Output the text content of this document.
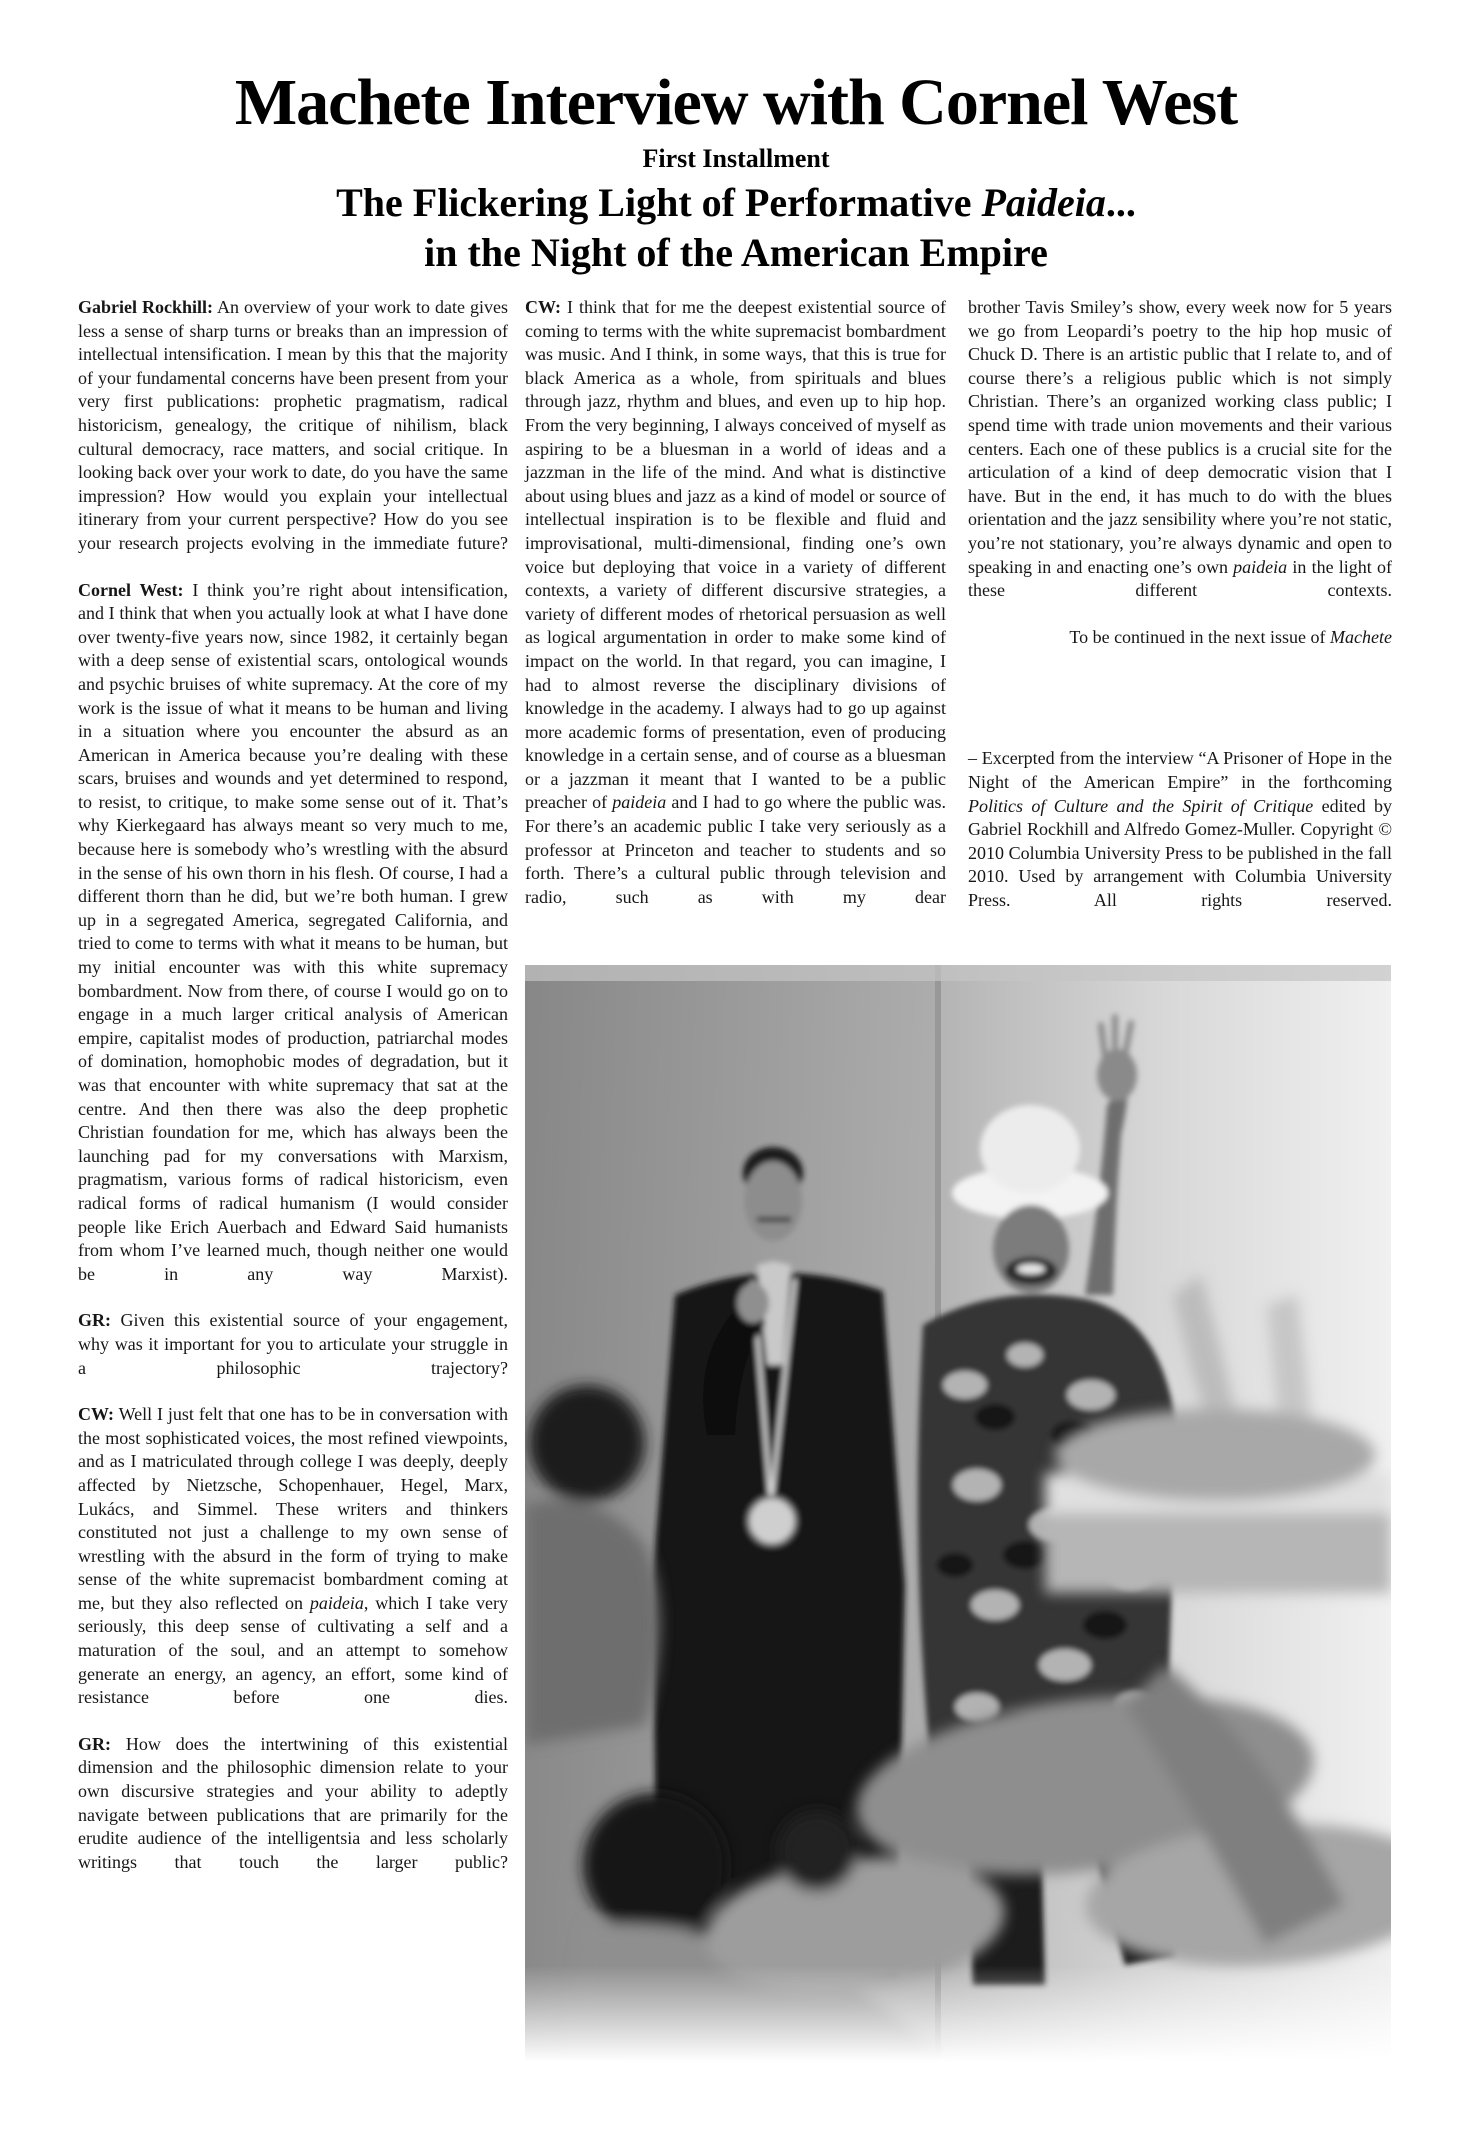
Machete Interview with Cornel West
First Installment
The Flickering Light of Performative Paideia...
in the Night of the American Empire

Gabriel Rockhill: An overview of your work to date gives less a sense of sharp turns or breaks than an impression of intellectual intensification. I mean by this that the majority of your fundamental concerns have been present from your very first publications: prophetic pragmatism, radical historicism, genealogy, the critique of nihilism, black cultural democracy, race matters, and social critique. In looking back over your work to date, do you have the same impression? How would you explain your intellectual itinerary from your current perspective? How do you see your research projects evolving in the immediate future?

Cornel West: I think you’re right about intensification, and I think that when you actually look at what I have done over twenty-five years now, since 1982, it certainly began with a deep sense of existential scars, ontological wounds and psychic bruises of white supremacy. At the core of my work is the issue of what it means to be human and living in a situation where you encounter the absurd as an American in America because you’re dealing with these scars, bruises and wounds and yet determined to respond, to resist, to critique, to make some sense out of it. That’s why Kierkegaard has always meant so very much to me, because here is somebody who’s wrestling with the absurd in the sense of his own thorn in his flesh. Of course, I had a different thorn than he did, but we’re both human. I grew up in a segregated America, segregated California, and tried to come to terms with what it means to be human, but my initial encounter was with this white supremacy bombardment. Now from there, of course I would go on to engage in a much larger critical analysis of American empire, capitalist modes of production, patriarchal modes of domination, homophobic modes of degradation, but it was that encounter with white supremacy that sat at the centre. And then there was also the deep prophetic Christian foundation for me, which has always been the launching pad for my conversations with Marxism, pragmatism, various forms of radical historicism, even radical forms of radical humanism (I would consider people like Erich Auerbach and Edward Said humanists from whom I’ve learned much, though neither one would be in any way Marxist).

GR: Given this existential source of your engagement, why was it important for you to articulate your struggle in a philosophic trajectory?

CW: Well I just felt that one has to be in conversation with the most sophisticated voices, the most refined viewpoints, and as I matriculated through college I was deeply, deeply affected by Nietzsche, Schopenhauer, Hegel, Marx, Lukács, and Simmel. These writers and thinkers constituted not just a challenge to my own sense of wrestling with the absurd in the form of trying to make sense of the white supremacist bombardment coming at me, but they also reflected on paideia, which I take very seriously, this deep sense of cultivating a self and a maturation of the soul, and an attempt to somehow generate an energy, an agency, an effort, some kind of resistance before one dies.

GR: How does the intertwining of this existential dimension and the philosophic dimension relate to your own discursive strategies and your ability to adeptly navigate between publications that are primarily for the erudite audience of the intelligentsia and less scholarly writings that touch the larger public?

CW: I think that for me the deepest existential source of coming to terms with the white supremacist bombardment was music. And I think, in some ways, that this is true for black America as a whole, from spirituals and blues through jazz, rhythm and blues, and even up to hip hop. From the very beginning, I always conceived of myself as aspiring to be a bluesman in a world of ideas and a jazzman in the life of the mind. And what is distinctive about using blues and jazz as a kind of model or source of intellectual inspiration is to be flexible and fluid and improvisational, multi-dimensional, finding one’s own voice but deploying that voice in a variety of different contexts, a variety of different discursive strategies, a variety of different modes of rhetorical persuasion as well as logical argumentation in order to make some kind of impact on the world. In that regard, you can imagine, I had to almost reverse the disciplinary divisions of knowledge in the academy. I always had to go up against more academic forms of presentation, even of producing knowledge in a certain sense, and of course as a bluesman or a jazzman it meant that I wanted to be a public preacher of paideia and I had to go where the public was. For there’s an academic public I take very seriously as a professor at Princeton and teacher to students and so forth. There’s a cultural public through television and radio, such as with my dear

brother Tavis Smiley’s show, every week now for 5 years we go from Leopardi’s poetry to the hip hop music of Chuck D. There is an artistic public that I relate to, and of course there’s a religious public which is not simply Christian. There’s an organized working class public; I spend time with trade union movements and their various centers. Each one of these publics is a crucial site for the articulation of a kind of deep democratic vision that I have. But in the end, it has much to do with the blues orientation and the jazz sensibility where you’re not static, you’re not stationary, you’re always dynamic and open to speaking in and enacting one’s own paideia in the light of these different contexts.

To be continued in the next issue of Machete

– Excerpted from the interview “A Prisoner of Hope in the Night of the American Empire” in the forthcoming Politics of Culture and the Spirit of Critique edited by Gabriel Rockhill and Alfredo Gomez-Muller. Copyright © 2010 Columbia University Press to be published in the fall 2010. Used by arrangement with Columbia University Press. All rights reserved.
